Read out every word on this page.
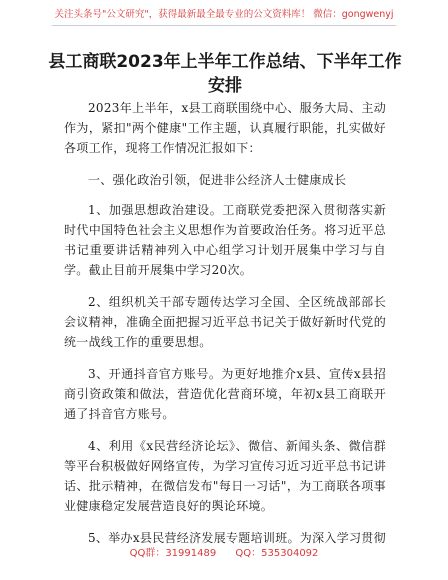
关注头条号"公文研究"，获得最新最全最专业的公文资料库！ 微信：gongwenyj
县工商联2023年上半年工作总结、下半年工作
安排

2023年上半年，x县工商联围绕中心、服务大局、主动作为，紧扣"两个健康"工作主题，认真履行职能，扎实做好各项工作，现将工作情况汇报如下：

一、强化政治引领，促进非公经济人士健康成长

1、加强思想政治建设。工商联党委把深入贯彻落实新时代中国特色社会主义思想作为首要政治任务。将习近平总书记重要讲话精神列入中心组学习计划开展集中学习与自学。截止目前开展集中学习20次。

2、组织机关干部专题传达学习全国、全区统战部部长会议精神，准确全面把握习近平总书记关于做好新时代党的统一战线工作的重要思想。

3、开通抖音官方账号。为更好地推介x县、宣传x县招商引资政策和做法，营造优化营商环境，年初x县工商联开通了抖音官方账号。

4、利用《x民营经济论坛》、微信、新闻头条、微信群等平台积极做好网络宣传，为学习宣传习近习近平总书记讲话、批示精神，在微信发布"每日一习话"，为工商联各项事业健康稳定发展营造良好的舆论环境。

5、举办x县民营经济发展专题培训班。为深入学习贯彻

QQ群：31991489 QQ：535304092
